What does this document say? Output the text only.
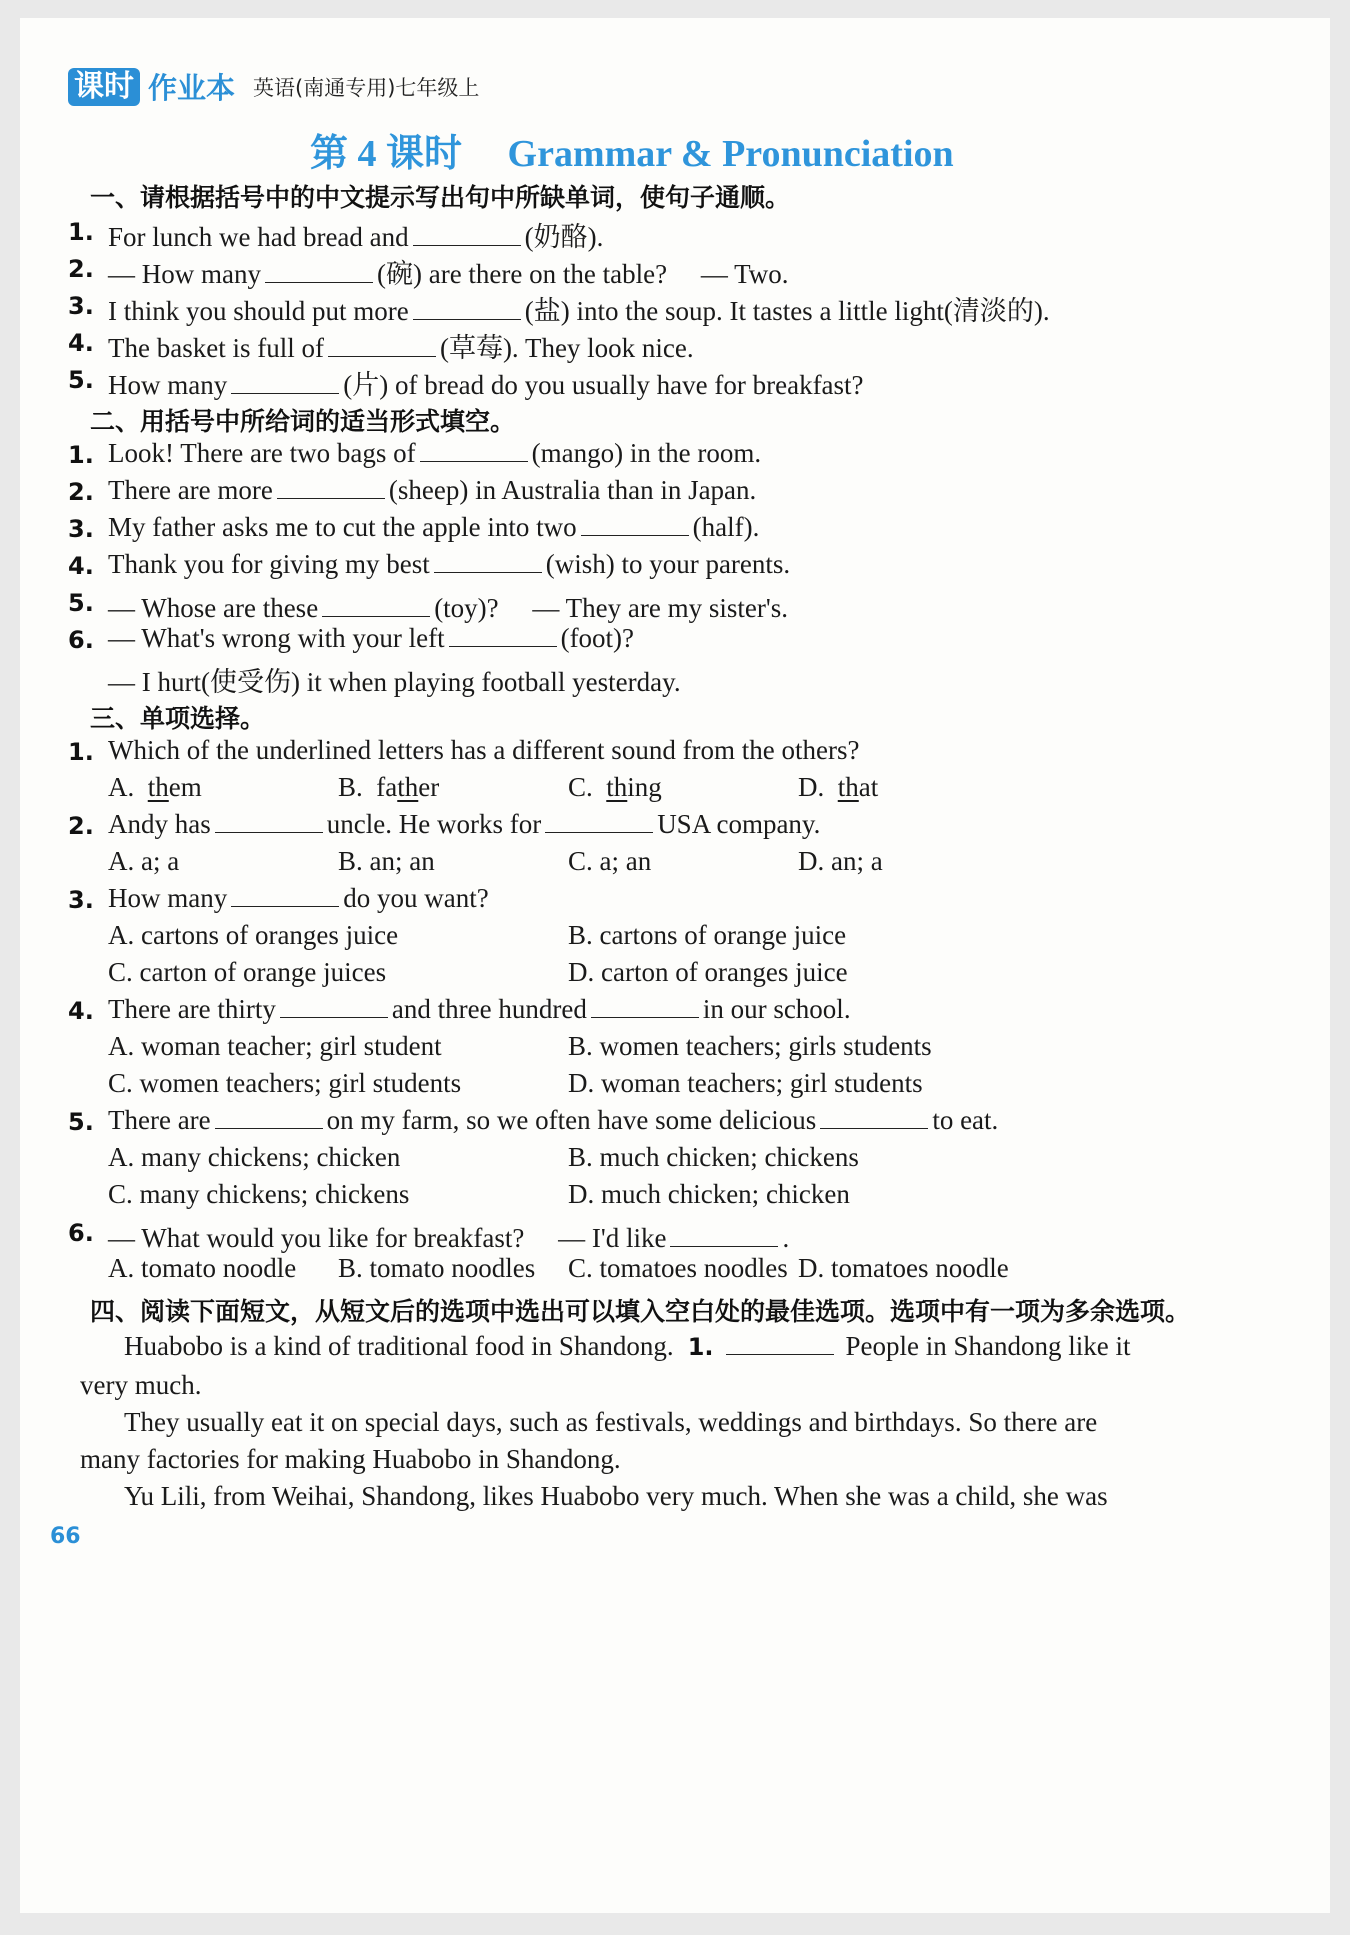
课时 作业本 英语(南通专用)七年级上
第 4 课时 Grammar & Pronunciation
一、请根据括号中的中文提示写出句中所缺单词，使句子通顺。
1. For lunch we had bread and	(奶酪).
2. — How many	(碗) are there on the table?　 — Two.
3. I think you should put more	(盐) into the soup. It tastes a little light(清淡的).
4. The basket is full of	(草莓). They look nice.
5. How many	(片) of bread do you usually have for breakfast?
二、用括号中所给词的适当形式填空。
1. Look! There are two bags of	(mango) in the room.
2. There are more	(sheep) in Australia than in Japan.
3. My father asks me to cut the apple into two	(half).
4. Thank you for giving my best	(wish) to your parents.
5. — Whose are these	(toy)?　 — They are my sister's.
6. — What's wrong with your left	(foot)?
— I hurt(使受伤) it when playing football yesterday.
三、单项选择。
1. Which of the underlined letters has a different sound from the others?
A. them	B. father	C. thing	D. that
2. Andy has	uncle. He works for	USA company.
A. a; a	B. an; an	C. a; an	D. an; a
3. How many	do you want?
A. cartons of oranges juice	B. cartons of orange juice
C. carton of orange juices	D. carton of oranges juice
4. There are thirty	and three hundred	in our school.
A. woman teacher; girl student	B. women teachers; girls students
C. women teachers; girl students	D. woman teachers; girl students
5. There are	on my farm, so we often have some delicious	to eat.
A. many chickens; chicken	B. much chicken; chickens
C. many chickens; chickens	D. much chicken; chicken
6. — What would you like for breakfast?　 — I'd like	.
A. tomato noodle B. tomato noodles C. tomatoes noodles D. tomatoes noodle
四、阅读下面短文，从短文后的选项中选出可以填入空白处的最佳选项。选项中有一项为多余选项。
Huabobo is a kind of traditional food in Shandong. 1.	People in Shandong like it
very much.
They usually eat it on special days, such as festivals, weddings and birthdays. So there are
many factories for making Huabobo in Shandong.
Yu Lili, from Weihai, Shandong, likes Huabobo very much. When she was a child, she was
66
